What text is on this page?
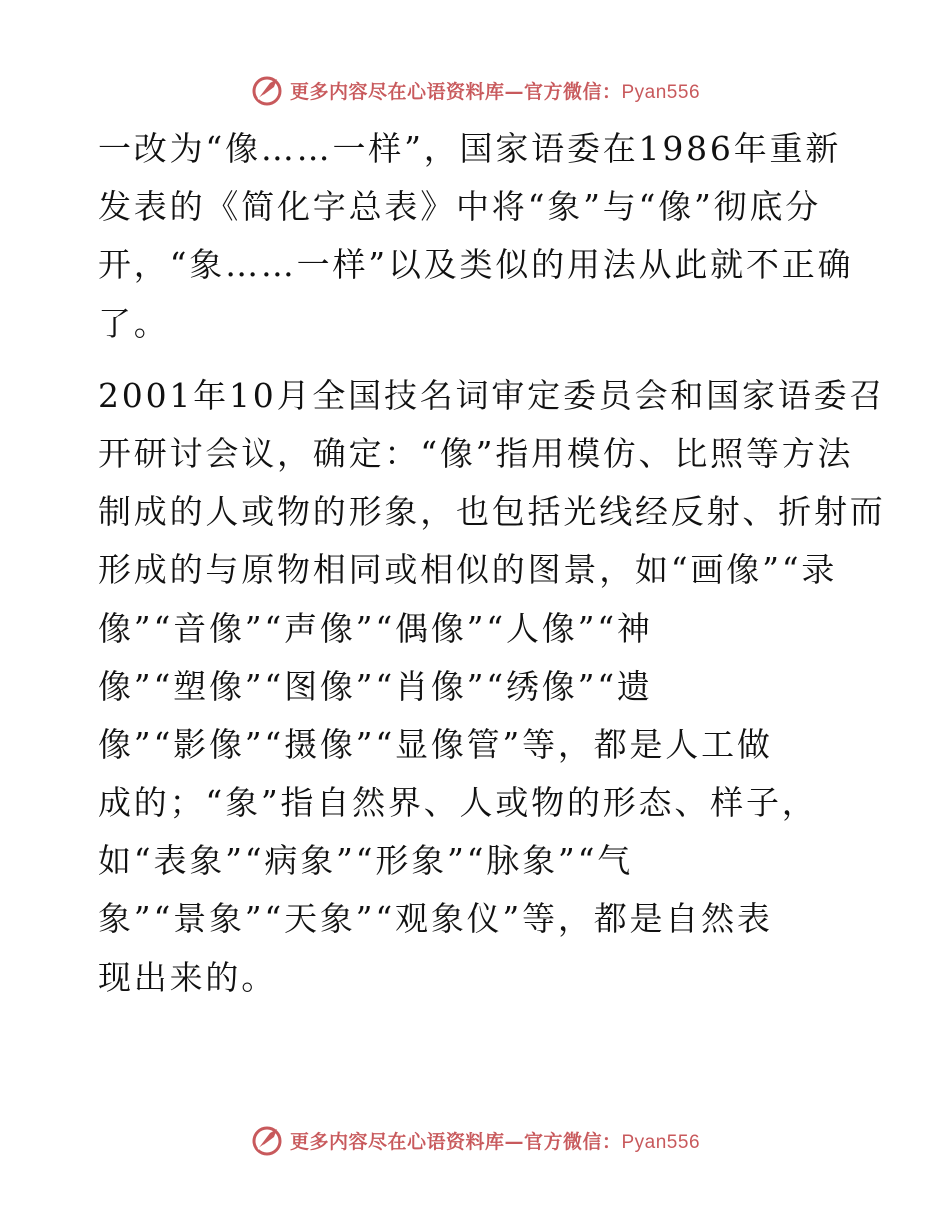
更多内容尽在心语资料库—官方微信：Pyan556
一改为“像……一样”，国家语委在1986年重新
发表的《简化字总表》中将“象”与“像”彻底分
开，“象……一样”以及类似的用法从此就不正确
了。
2001年10月全国技名词审定委员会和国家语委召
开研讨会议，确定：“像”指用模仿、比照等方法
制成的人或物的形象，也包括光线经反射、折射而
形成的与原物相同或相似的图景，如“画像”“录
像”“音像”“声像”“偶像”“人像”“神
像”“塑像”“图像”“肖像”“绣像”“遗
像”“影像”“摄像”“显像管”等，都是人工做
成的；“象”指自然界、人或物的形态、样子，
如“表象”“病象”“形象”“脉象”“气
象”“景象”“天象”“观象仪”等，都是自然表
现出来的。
更多内容尽在心语资料库—官方微信：Pyan556
